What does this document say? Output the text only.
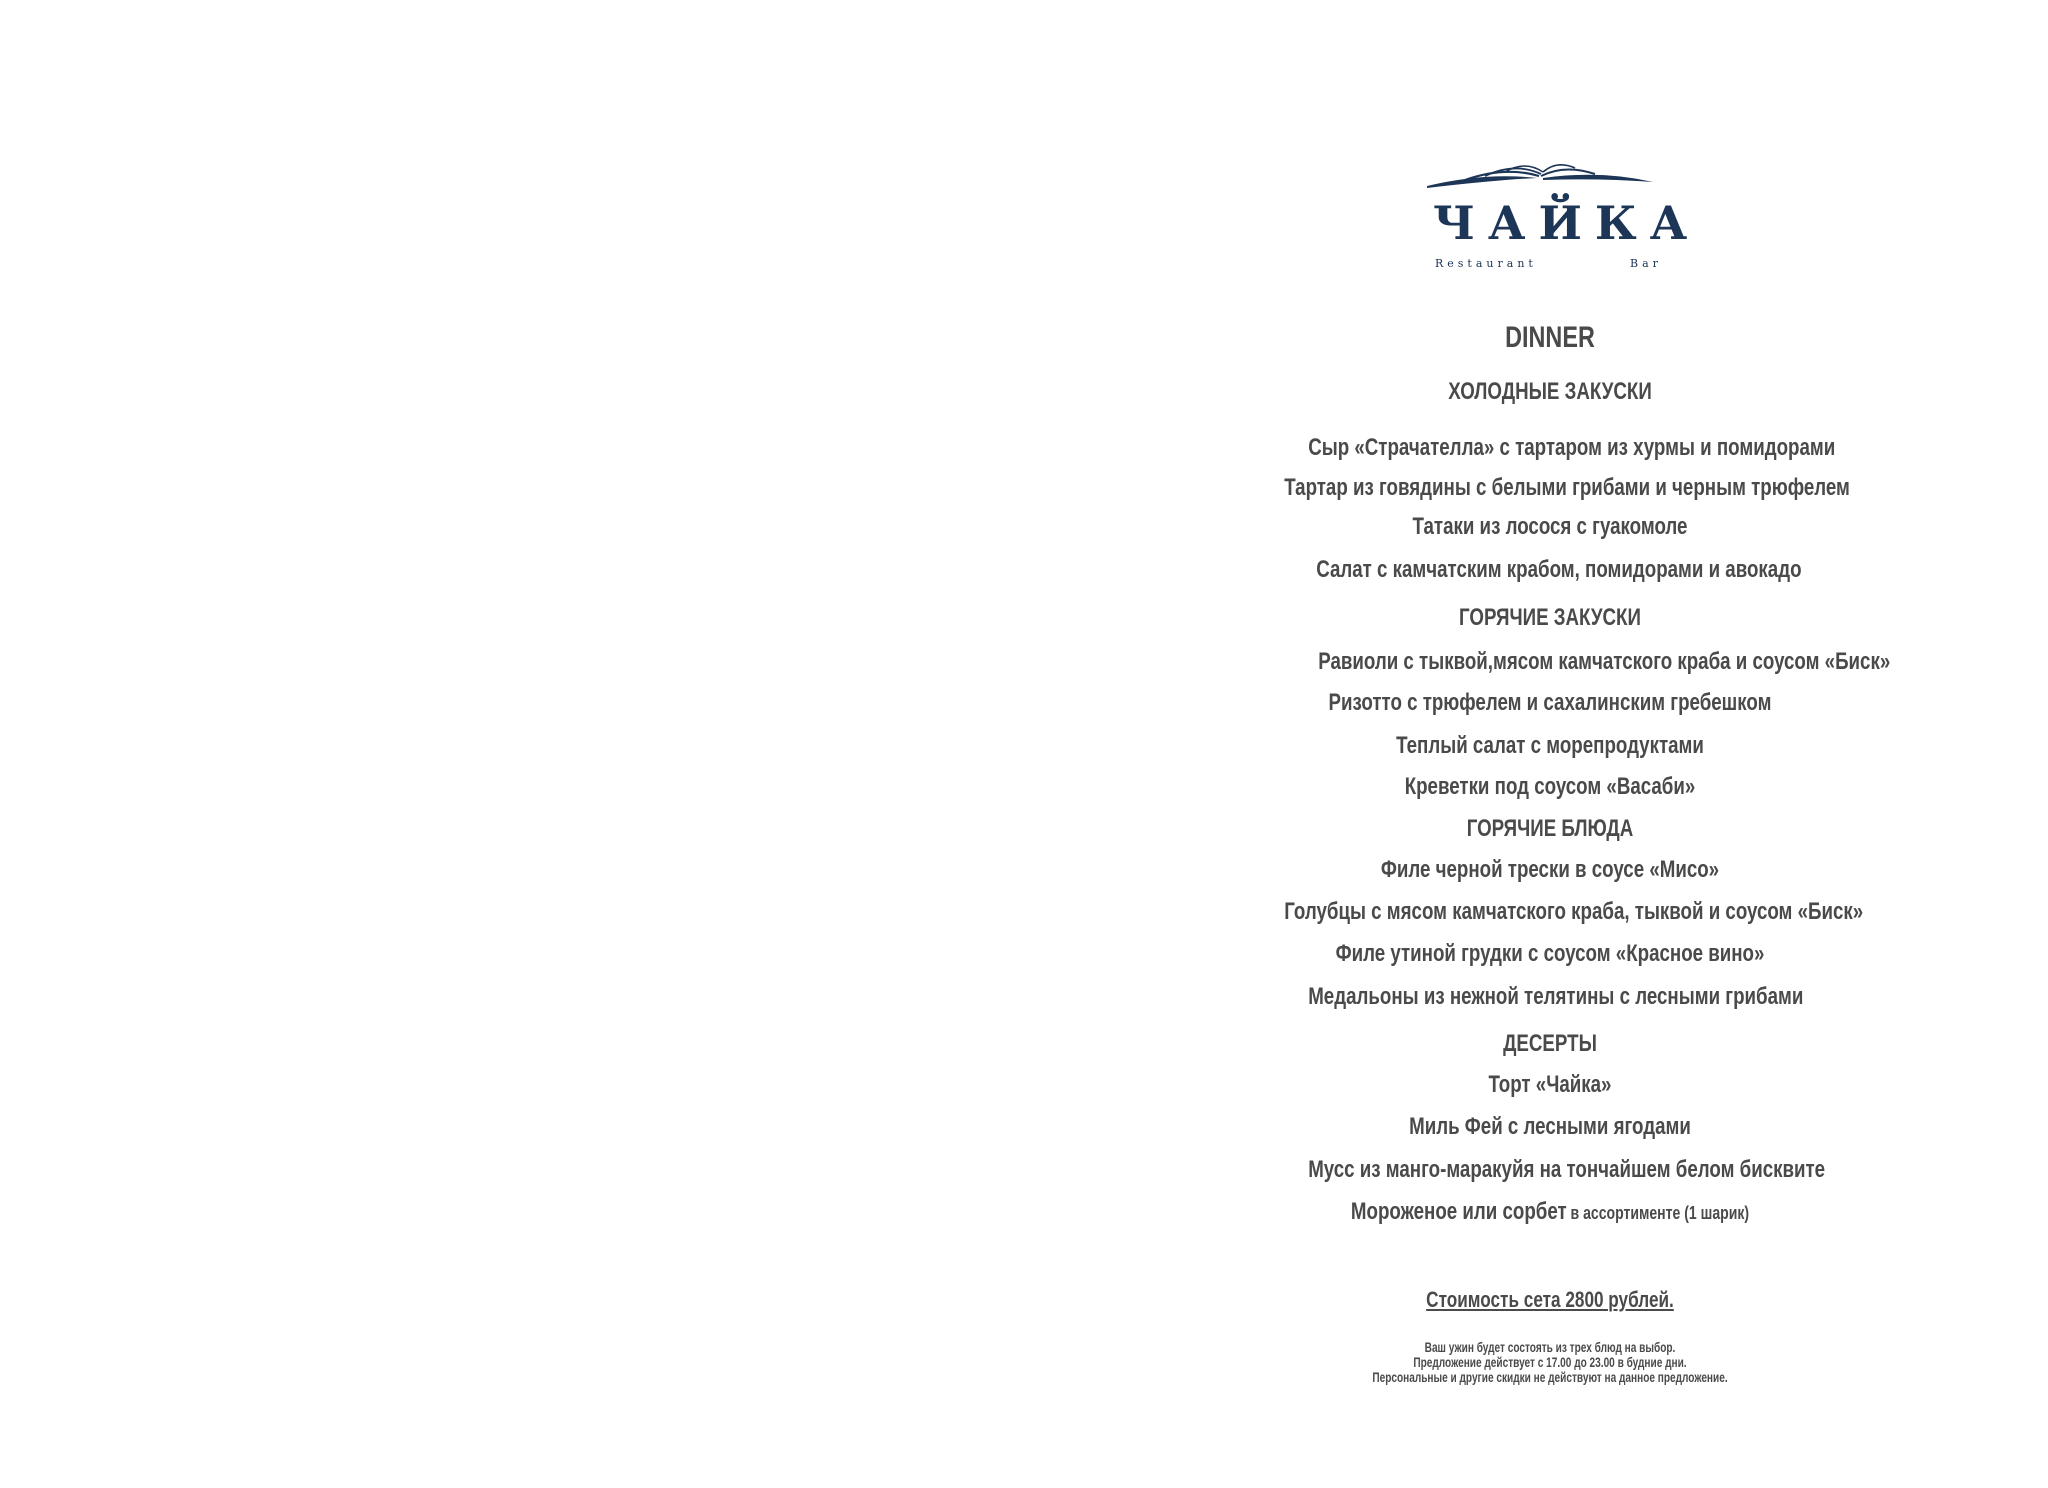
ЧАЙКА
Restaurant	Bar
DINNER
ХОЛОДНЫЕ ЗАКУСКИ
Сыр «Страчателла» с тартаром из хурмы и помидорами
Тартар из говядины с белыми грибами и черным трюфелем
Татаки из лосося с гуакомоле
Салат с камчатским крабом, помидорами и авокадо
ГОРЯЧИЕ ЗАКУСКИ
Равиоли с тыквой,мясом камчатского краба и соусом «Биск»
Ризотто с трюфелем и сахалинским гребешком
Теплый салат с морепродуктами
Креветки под соусом «Васаби»
ГОРЯЧИЕ БЛЮДА
Филе черной трески в соусе «Мисо»
Голубцы с мясом камчатского краба, тыквой и соусом «Биск»
Филе утиной грудки с соусом «Красное вино»
Медальоны из нежной телятины с лесными грибами
ДЕСЕРТЫ
Торт «Чайка»
Миль Фей с лесными ягодами
Мусс из манго-маракуйя на тончайшем белом бисквите
Мороженое или сорбет в ассортименте (1 шарик)
Стоимость сета 2800 рублей.
Ваш ужин будет состоять из трех блюд на выбор.
Предложение действует с 17.00 до 23.00 в будние дни.
Персональные и другие скидки не действуют на данное предложение.
